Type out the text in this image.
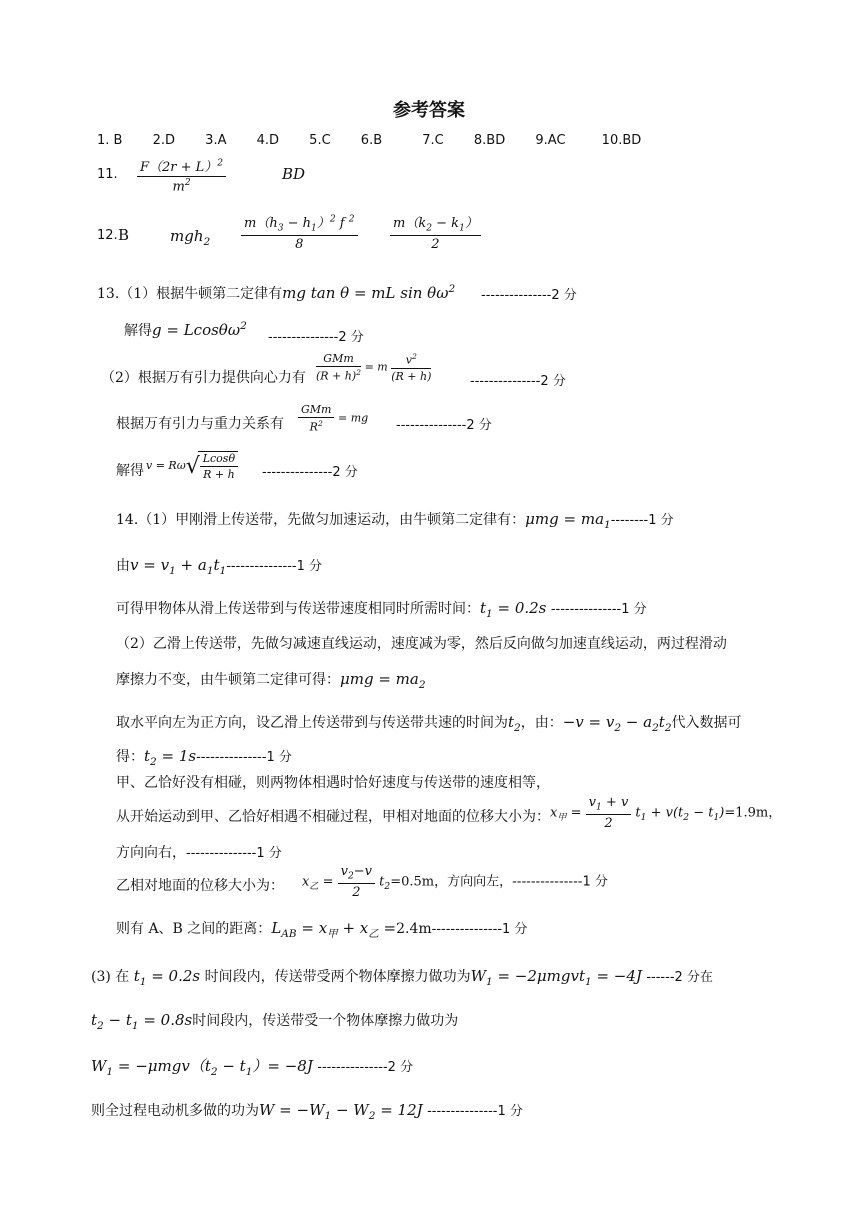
参考答案
1. B 2.D 3.A 4.D 5.C 6.B	7.C 8.BD 9.AC	10.BD
11. $\frac{F(2r + L)^2}{m^2}$	BD
12. B	$mgh_2 \frac{m(h_3 - h_1)^2 f ^2}{8} \frac{m(k_2 - k_1)}{2}$
13.（1）根据牛顿第二定律有mg tan θ = mL $\sin \theta\omega^2$ ---------------2 分
解得g = Lcosθω$^2$
---------------2 分
（2）根据万有引力提供向心力有
GMm
$(R + h)^2 = m \frac{v^2}{(R + h)}$	---------------2 分
根据万有引力与重力关系有
GMm
$R^2$	= mg
---------------2 分
解得 $v = R\omega√ \frac{Lcos\theta}{R + h} ---------------2$ 分
14.（1）甲刚滑上传送带，先做匀加速运动，由牛顿第二定律有：$\mu mg = ma_1--------1$ 分
由$v = v_1 + a_1t_1---------------1$ 分
可得甲物体从滑上传送带到与传送带速度相同时所需时间：$t_1 = 0.2s$ ---------------1 分
（2）乙滑上传送带，先做匀减速直线运动，速度减为零，然后反向做匀加速直线运动，两过程滑动
摩擦力不变，由牛顿第二定律可得：$\mu mg = ma_2$
取水平向左为正方向，设乙滑上传送带到与传送带共速的时间为$t_2$，由：$-v = v_2 - a_2t_2$代入数据可
得：$t_2 = 1s---------------1$ 分
甲、乙恰好没有相碰，则两物体相遇时恰好速度与传送带的速度相等，
从开始运动到甲、乙恰好相遇不相碰过程，甲相对地面的位移大小为： $x_甲 = \frac{v_1 + v}{2} t_1 + v(t_2 - t_1)=1.9m$，
方向向右，---------------1 分
乙相对地面的位移大小为： $x_乙 = \frac{v_2-v}{2} t_2=0.5m$，方向向左，---------------1 分
则有 A、B 之间的距离：$L_{AB} = x_甲 + x_乙 =2.4m---------------1$ 分
(3) 在 $t_1 = 0.2s$ 时间段内，传送带受两个物体摩擦力做功为$W_1$ = −2μmgvt$_1$ = −4J ------2 分在
$t_2 - t_1 = 0.8s$时间段内，传送带受一个物体摩擦力做功为
$W_1 = -\mu mgv(t_2 - t_1)= -8J$ ---------------2 分
则全过程电动机多做的功为$W = -W_1 - W_2 = 12J$ ---------------1 分
